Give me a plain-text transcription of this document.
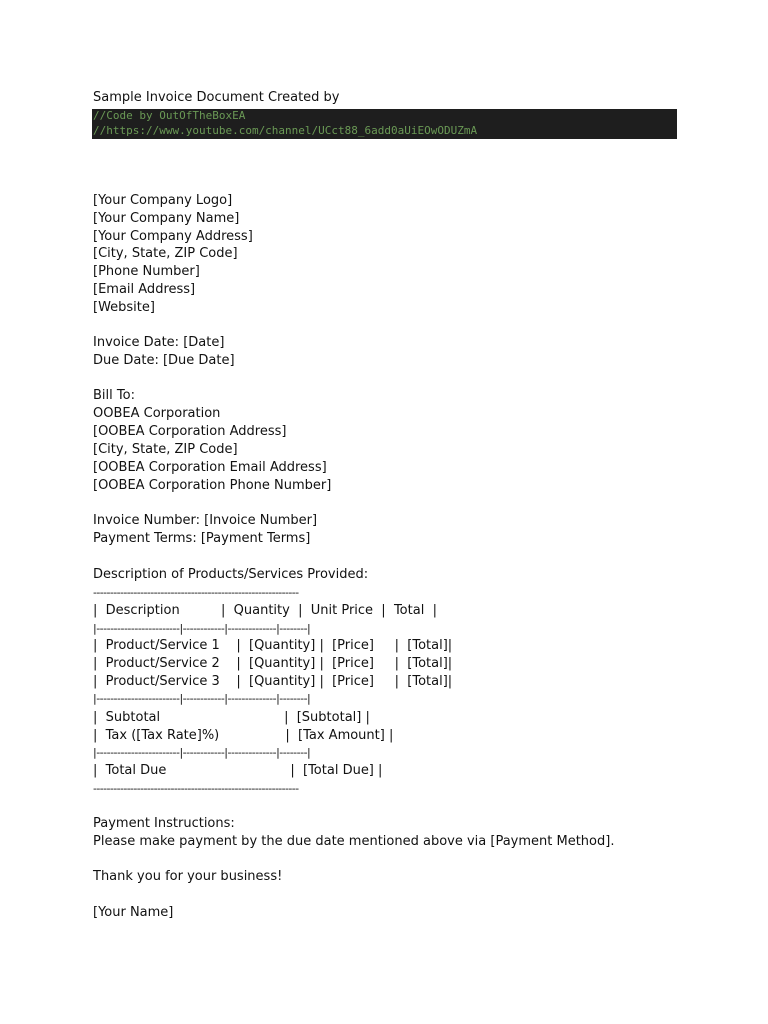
Sample Invoice Document Created by
//Code by OutOfTheBoxEA
//https://www.youtube.com/channel/UCct88_6add0aUiEOwODUZmA
[Your Company Logo]
[Your Company Name]
[Your Company Address]
[City, State, ZIP Code]
[Phone Number]
[Email Address]
[Website]
Invoice Date: [Date]
Due Date: [Due Date]
Bill To:
OOBEA Corporation
[OOBEA Corporation Address]
[City, State, ZIP Code]
[OOBEA Corporation Email Address]
[OOBEA Corporation Phone Number]
Invoice Number: [Invoice Number]
Payment Terms: [Payment Terms]
Description of Products/Services Provided:
-------------------------------------------------------------
|  Description          |  Quantity  |  Unit Price  |  Total  |
|------------------------|------------|--------------|--------|
|  Product/Service 1    |  [Quantity] |  [Price]     |  [Total]|
|  Product/Service 2    |  [Quantity] |  [Price]     |  [Total]|
|  Product/Service 3    |  [Quantity] |  [Price]     |  [Total]|
|------------------------|------------|--------------|--------|
|  Subtotal                              |  [Subtotal] |
|  Tax ([Tax Rate]%)                |  [Tax Amount] |
|------------------------|------------|--------------|--------|
|  Total Due                              |  [Total Due] |
-------------------------------------------------------------
Payment Instructions:
Please make payment by the due date mentioned above via [Payment Method].
Thank you for your business!
[Your Name]
